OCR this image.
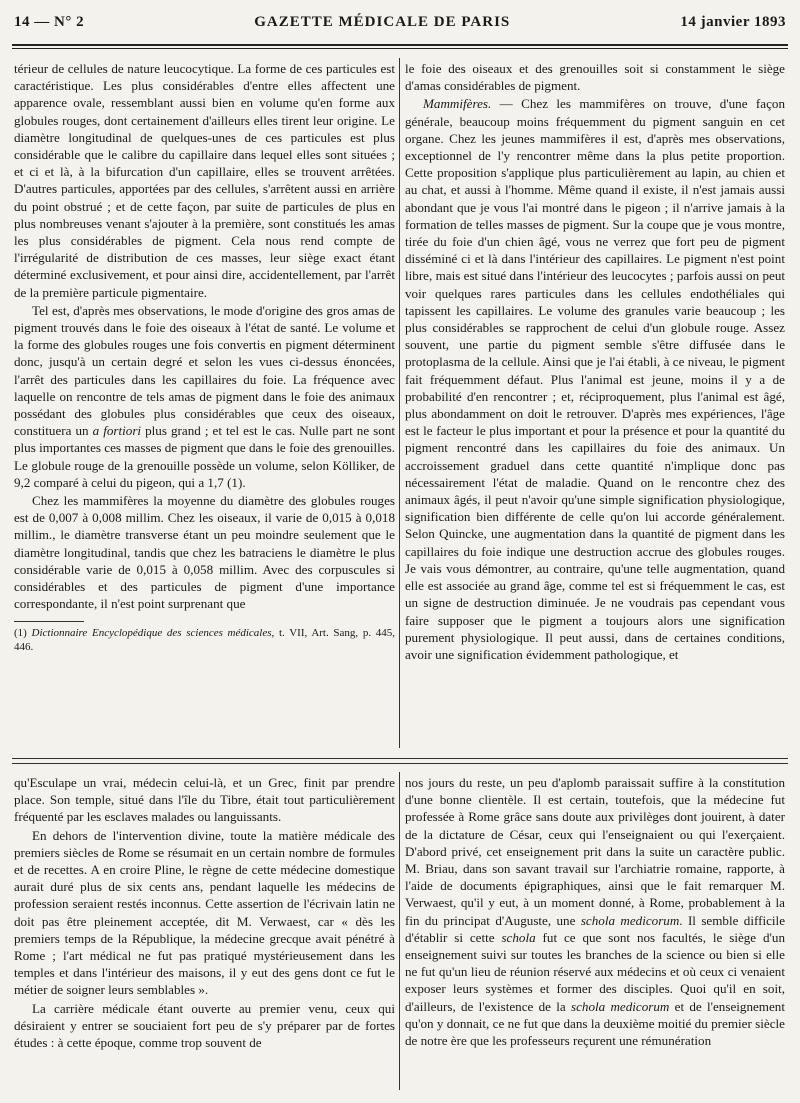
14 — N° 2	GAZETTE MÉDICALE DE PARIS	14 janvier 1893

térieur de cellules de nature leucocytique. La forme de ces particules est caractéristique. Les plus considérables d'entre elles affectent une apparence ovale, ressemblant aussi bien en volume qu'en forme aux globules rouges, dont certainement d'ailleurs elles tirent leur origine. Le diamètre longitudinal de quelques-unes de ces particules est plus considérable que le calibre du capillaire dans lequel elles sont situées ; et ci et là, à la bifurcation d'un capillaire, elles se trouvent arrêtées. D'autres particules, apportées par des cellules, s'arrêtent aussi en arrière du point obstrué ; et de cette façon, par suite de particules de plus en plus nombreuses venant s'ajouter à la première, sont constitués les amas les plus considérables de pigment. Cela nous rend compte de l'irrégularité de distribution de ces masses, leur siège exact étant déterminé exclusivement, et pour ainsi dire, accidentellement, par l'arrêt de la première particule pigmentaire.

Tel est, d'après mes observations, le mode d'origine des gros amas de pigment trouvés dans le foie des oiseaux à l'état de santé. Le volume et la forme des globules rouges une fois convertis en pigment déterminent donc, jusqu'à un certain degré et selon les vues ci-dessus énoncées, l'arrêt des particules dans les capillaires du foie. La fréquence avec laquelle on rencontre de tels amas de pigment dans le foie des animaux possédant des globules plus considérables que ceux des oiseaux, constituera un a fortiori plus grand ; et tel est le cas. Nulle part ne sont plus importantes ces masses de pigment que dans le foie des grenouilles. Le globule rouge de la grenouille possède un volume, selon Kölliker, de 9,2 comparé à celui du pigeon, qui a 1,7 (1).

Chez les mammifères la moyenne du diamètre des globules rouges est de 0,007 à 0,008 millim. Chez les oiseaux, il varie de 0,015 à 0,018 millim., le diamètre transverse étant un peu moindre seulement que le diamètre longitudinal, tandis que chez les batraciens le diamètre le plus considérable varie de 0,015 à 0,058 millim. Avec des corpuscules si considérables et des particules de pigment d'une importance correspondante, il n'est point surprenant que

(1) Dictionnaire Encyclopédique des sciences médicales, t. VII, Art. Sang, p. 445, 446.

le foie des oiseaux et des grenouilles soit si constamment le siège d'amas considérables de pigment.

Mammifères. — Chez les mammifères on trouve, d'une façon générale, beaucoup moins fréquemment du pigment sanguin en cet organe. Chez les jeunes mammifères il est, d'après mes observations, exceptionnel de l'y rencontrer même dans la plus petite proportion. Cette proposition s'applique plus particulièrement au lapin, au chien et au chat, et aussi à l'homme. Même quand il existe, il n'est jamais aussi abondant que je vous l'ai montré dans le pigeon ; il n'arrive jamais à la formation de telles masses de pigment. Sur la coupe que je vous montre, tirée du foie d'un chien âgé, vous ne verrez que fort peu de pigment disséminé ci et là dans l'intérieur des capillaires. Le pigment n'est point libre, mais est situé dans l'intérieur des leucocytes ; parfois aussi on peut voir quelques rares particules dans les cellules endothéliales qui tapissent les capillaires. Le volume des granules varie beaucoup ; les plus considérables se rapprochent de celui d'un globule rouge. Assez souvent, une partie du pigment semble s'être diffusée dans le protoplasma de la cellule. Ainsi que je l'ai établi, à ce niveau, le pigment fait fréquemment défaut. Plus l'animal est jeune, moins il y a de probabilité d'en rencontrer ; et, réciproquement, plus l'animal est âgé, plus abondamment on doit le retrouver. D'après mes expériences, l'âge est le facteur le plus important et pour la présence et pour la quantité du pigment rencontré dans les capillaires du foie des animaux. Un accroissement graduel dans cette quantité n'implique donc pas nécessairement l'état de maladie. Quand on le rencontre chez des animaux âgés, il peut n'avoir qu'une simple signification physiologique, signification bien différente de celle qu'on lui accorde généralement. Selon Quincke, une augmentation dans la quantité de pigment dans les capillaires du foie indique une destruction accrue des globules rouges. Je vais vous démontrer, au contraire, qu'une telle augmentation, quand elle est associée au grand âge, comme tel est si fréquemment le cas, est un signe de destruction diminuée. Je ne voudrais pas cependant vous faire supposer que le pigment a toujours alors une signification purement physiologique. Il peut aussi, dans de certaines conditions, avoir une signification évidemment pathologique, et

qu'Esculape un vrai, médecin celui-là, et un Grec, finit par prendre place. Son temple, situé dans l'île du Tibre, était tout particulièrement fréquenté par les esclaves malades ou languissants.

En dehors de l'intervention divine, toute la matière médicale des premiers siècles de Rome se résumait en un certain nombre de formules et de recettes. A en croire Pline, le règne de cette médecine domestique aurait duré plus de six cents ans, pendant laquelle les médecins de profession seraient restés inconnus. Cette assertion de l'écrivain latin ne doit pas être pleinement acceptée, dit M. Verwaest, car « dès les premiers temps de la République, la médecine grecque avait pénétré à Rome ; l'art médical ne fut pas pratiqué mystérieusement dans les temples et dans l'intérieur des maisons, il y eut des gens dont ce fut le métier de soigner leurs semblables ».

La carrière médicale étant ouverte au premier venu, ceux qui désiraient y entrer se souciaient fort peu de s'y préparer par de fortes études : à cette époque, comme trop souvent de

nos jours du reste, un peu d'aplomb paraissait suffire à la constitution d'une bonne clientèle. Il est certain, toutefois, que la médecine fut professée à Rome grâce sans doute aux privilèges dont jouirent, à dater de la dictature de César, ceux qui l'enseignaient ou qui l'exerçaient. D'abord privé, cet enseignement prit dans la suite un caractère public. M. Briau, dans son savant travail sur l'archiatrie romaine, rapporte, à l'aide de documents épigraphiques, ainsi que le fait remarquer M. Verwaest, qu'il y eut, à un moment donné, à Rome, probablement à la fin du principat d'Auguste, une schola medicorum. Il semble difficile d'établir si cette schola fut ce que sont nos facultés, le siège d'un enseignement suivi sur toutes les branches de la science ou bien si elle ne fut qu'un lieu de réunion réservé aux médecins et où ceux ci venaient exposer leurs systèmes et former des disciples. Quoi qu'il en soit, d'ailleurs, de l'existence de la schola medicorum et de l'enseignement qu'on y donnait, ce ne fut que dans la deuxième moitié du premier siècle de notre ère que les professeurs reçurent une rémunération
